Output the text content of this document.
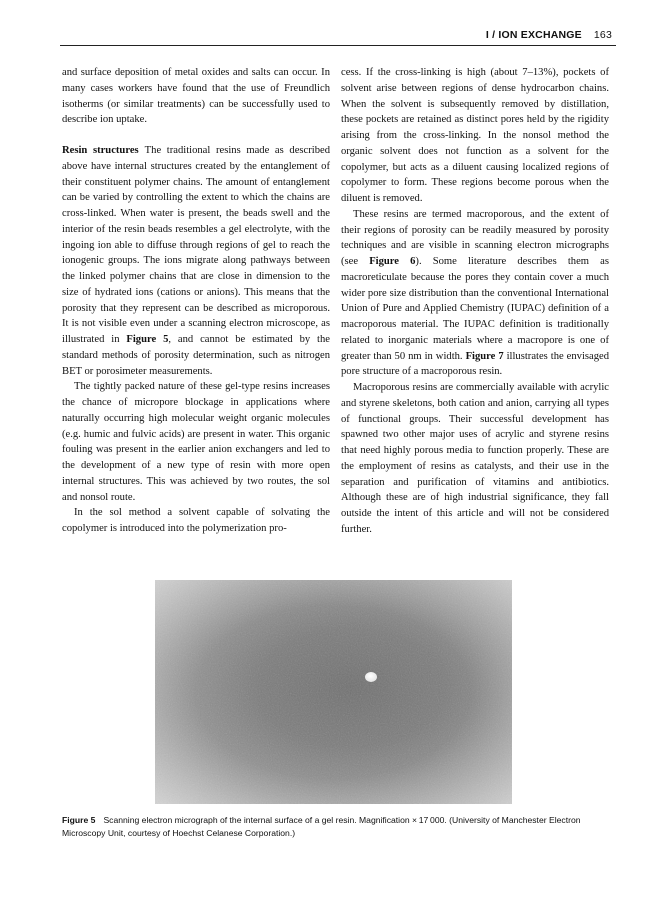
I / ION EXCHANGE 163

and surface deposition of metal oxides and salts can occur. In many cases workers have found that the use of Freundlich isotherms (or similar treatments) can be successfully used to describe ion uptake.

Resin structures The traditional resins made as described above have internal structures created by the entanglement of their constituent polymer chains. The amount of entanglement can be varied by controlling the extent to which the chains are cross-linked. When water is present, the beads swell and the interior of the resin beads resembles a gel electrolyte, with the ingoing ion able to diffuse through regions of gel to reach the ionogenic groups. The ions migrate along pathways between the linked polymer chains that are close in dimension to the size of hydrated ions (cations or anions). This means that the porosity that they represent can be described as microporous. It is not visible even under a scanning electron microscope, as illustrated in Figure 5, and cannot be estimated by the standard methods of porosity determination, such as nitrogen BET or porosimeter measurements.

The tightly packed nature of these gel-type resins increases the chance of micropore blockage in applications where naturally occurring high molecular weight organic molecules (e.g. humic and fulvic acids) are present in water. This organic fouling was present in the earlier anion exchangers and led to the development of a new type of resin with more open internal structures. This was achieved by two routes, the sol and nonsol route.

In the sol method a solvent capable of solvating the copolymer is introduced into the polymerization pro-

cess. If the cross-linking is high (about 7–13%), pockets of solvent arise between regions of dense hydrocarbon chains. When the solvent is subsequently removed by distillation, these pockets are retained as distinct pores held by the rigidity arising from the cross-linking. In the nonsol method the organic solvent does not function as a solvent for the copolymer, but acts as a diluent causing localized regions of copolymer to form. These regions become porous when the diluent is removed.

These resins are termed macroporous, and the extent of their regions of porosity can be readily measured by porosity techniques and are visible in scanning electron micrographs (see Figure 6). Some literature describes them as macroreticulate because the pores they contain cover a much wider pore size distribution than the conventional International Union of Pure and Applied Chemistry (IUPAC) definition of a macroporous material. The IUPAC definition is traditionally related to inorganic materials where a macropore is one of greater than 50 nm in width. Figure 7 illustrates the envisaged pore structure of a macroporous resin.

Macroporous resins are commercially available with acrylic and styrene skeletons, both cation and anion, carrying all types of functional groups. Their successful development has spawned two other major uses of acrylic and styrene resins that need highly porous media to function properly. These are the employment of resins as catalysts, and their use in the separation and purification of vitamins and antibiotics. Although these are of high industrial significance, they fall outside the intent of this article and will not be considered further.

Figure 5 Scanning electron micrograph of the internal surface of a gel resin. Magnification × 17 000. (University of Manchester Electron Microscopy Unit, courtesy of Hoechst Celanese Corporation.)
